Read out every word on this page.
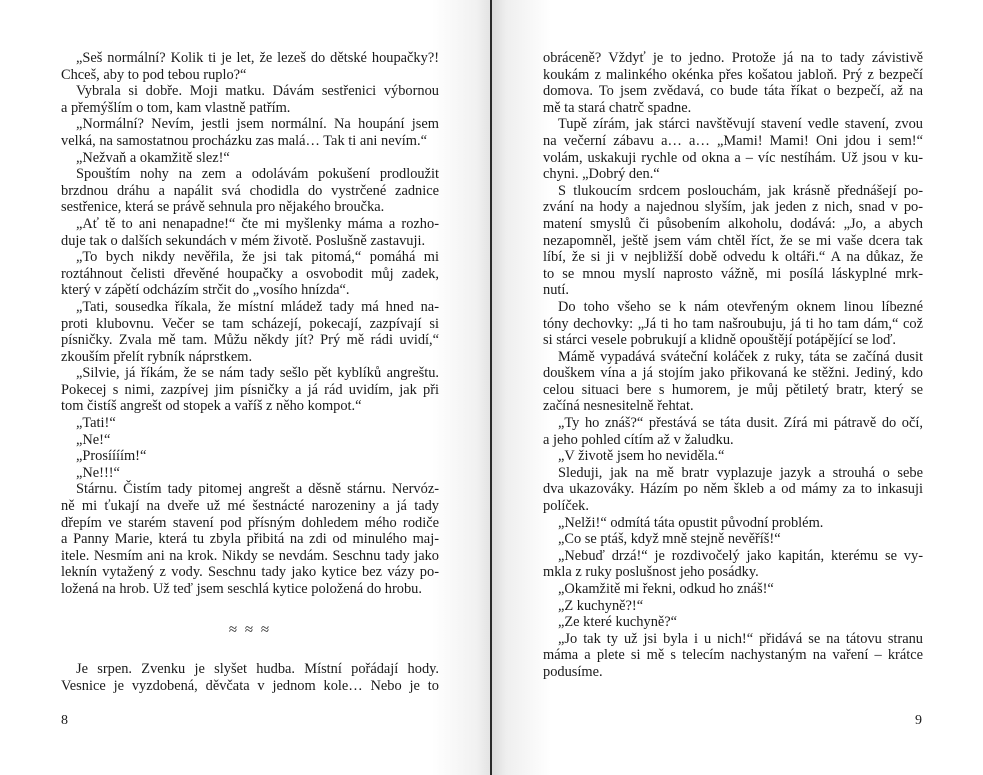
„Seš normální? Kolik ti je let, že lezeš do dětské houpačky?!
Chceš, aby to pod tebou ruplo?“
Vybrala si dobře. Moji matku. Dávám sestřenici výbornou
a přemýšlím o tom, kam vlastně patřím.
„Normální? Nevím, jestli jsem normální. Na houpání jsem
velká, na samostatnou procházku zas malá… Tak ti ani nevím.“
„Nežvaň a okamžitě slez!“
Spouštím nohy na zem a odolávám pokušení prodloužit
brzdnou dráhu a napálit svá chodidla do vystrčené zadnice
sestřenice, která se právě sehnula pro nějakého broučka.
„Ať tě to ani nenapadne!“ čte mi myšlenky máma a rozho-
duje tak o dalších sekundách v mém životě. Poslušně zastavuji.
„To bych nikdy nevěřila, že jsi tak pitomá,“ pomáhá mi
roztáhnout čelisti dřevěné houpačky a osvobodit můj zadek,
který v zápětí odcházím strčit do „vosího hnízda“.
„Tati, sousedka říkala, že místní mládež tady má hned na-
proti klubovnu. Večer se tam scházejí, pokecají, zazpívají si
písničky. Zvala mě tam. Můžu někdy jít? Prý mě rádi uvidí,“
zkouším přelít rybník náprstkem.
„Silvie, já říkám, že se nám tady sešlo pět kyblíků angreštu.
Pokecej s nimi, zazpívej jim písničky a já rád uvidím, jak při
tom čistíš angrešt od stopek a vaříš z něho kompot.“
„Tati!“
„Ne!“
„Prosíííím!“
„Ne!!!“
Stárnu. Čistím tady pitomej angrešt a děsně stárnu. Nervóz-
ně mi ťukají na dveře už mé šestnácté narozeniny a já tady
dřepím ve starém stavení pod přísným dohledem mého rodiče
a Panny Marie, která tu zbyla přibitá na zdi od minulého maj-
itele. Nesmím ani na krok. Nikdy se nevdám. Seschnu tady jako
leknín vytažený z vody. Seschnu tady jako kytice bez vázy po-
ložená na hrob. Už teď jsem seschlá kytice položená do hrobu.
≈ ≈ ≈
Je srpen. Zvenku je slyšet hudba. Místní pořádají hody.
Vesnice je vyzdobená, děvčata v jednom kole… Nebo je to
8
obráceně? Vždyť je to jedno. Protože já na to tady závistivě
koukám z malinkého okénka přes košatou jabloň. Prý z bezpečí
domova. To jsem zvědavá, co bude táta říkat o bezpečí, až na
mě ta stará chatrč spadne.
Tupě zírám, jak stárci navštěvují stavení vedle stavení, zvou
na večerní zábavu a… a… „Mami! Mami! Oni jdou i sem!“
volám, uskakuji rychle od okna a – víc nestíhám. Už jsou v ku-
chyni. „Dobrý den.“
S tlukoucím srdcem poslouchám, jak krásně přednášejí po-
zvání na hody a najednou slyším, jak jeden z nich, snad v po-
matení smyslů či působením alkoholu, dodává: „Jo, a abych
nezapomněl, ještě jsem vám chtěl říct, že se mi vaše dcera tak
líbí, že si ji v nejbližší době odvedu k oltáři.“ A na důkaz, že
to se mnou myslí naprosto vážně, mi posílá láskyplné mrk-
nutí.
Do toho všeho se k nám otevřeným oknem linou líbezné
tóny dechovky: „Já ti ho tam našroubuju, já ti ho tam dám,“ což
si stárci vesele pobrukují a klidně opouštějí potápějící se loď.
Mámě vypadává sváteční koláček z ruky, táta se začíná dusit
douškem vína a já stojím jako přikovaná ke stěžni. Jediný, kdo
celou situaci bere s humorem, je můj pětiletý bratr, který se
začíná nesnesitelně řehtat.
„Ty ho znáš?“ přestává se táta dusit. Zírá mi pátravě do očí,
a jeho pohled cítím až v žaludku.
„V životě jsem ho neviděla.“
Sleduji, jak na mě bratr vyplazuje jazyk a strouhá o sebe
dva ukazováky. Házím po něm šklеb a od mámy za to inkasuji
políček.
„Nelži!“ odmítá táta opustit původní problém.
„Co se ptáš, když mně stejně nevěříš!“
„Nebuď drzá!“ je rozdivočelý jako kapitán, kterému se vy-
mkla z ruky poslušnost jeho posádky.
„Okamžitě mi řekni, odkud ho znáš!“
„Z kuchyně?!“
„Ze které kuchyně?“
„Jo tak ty už jsi byla i u nich!“ přidává se na tátovu stranu
máma a plete si mě s telecím nachystaným na vaření – krátce
podusíme.
9
